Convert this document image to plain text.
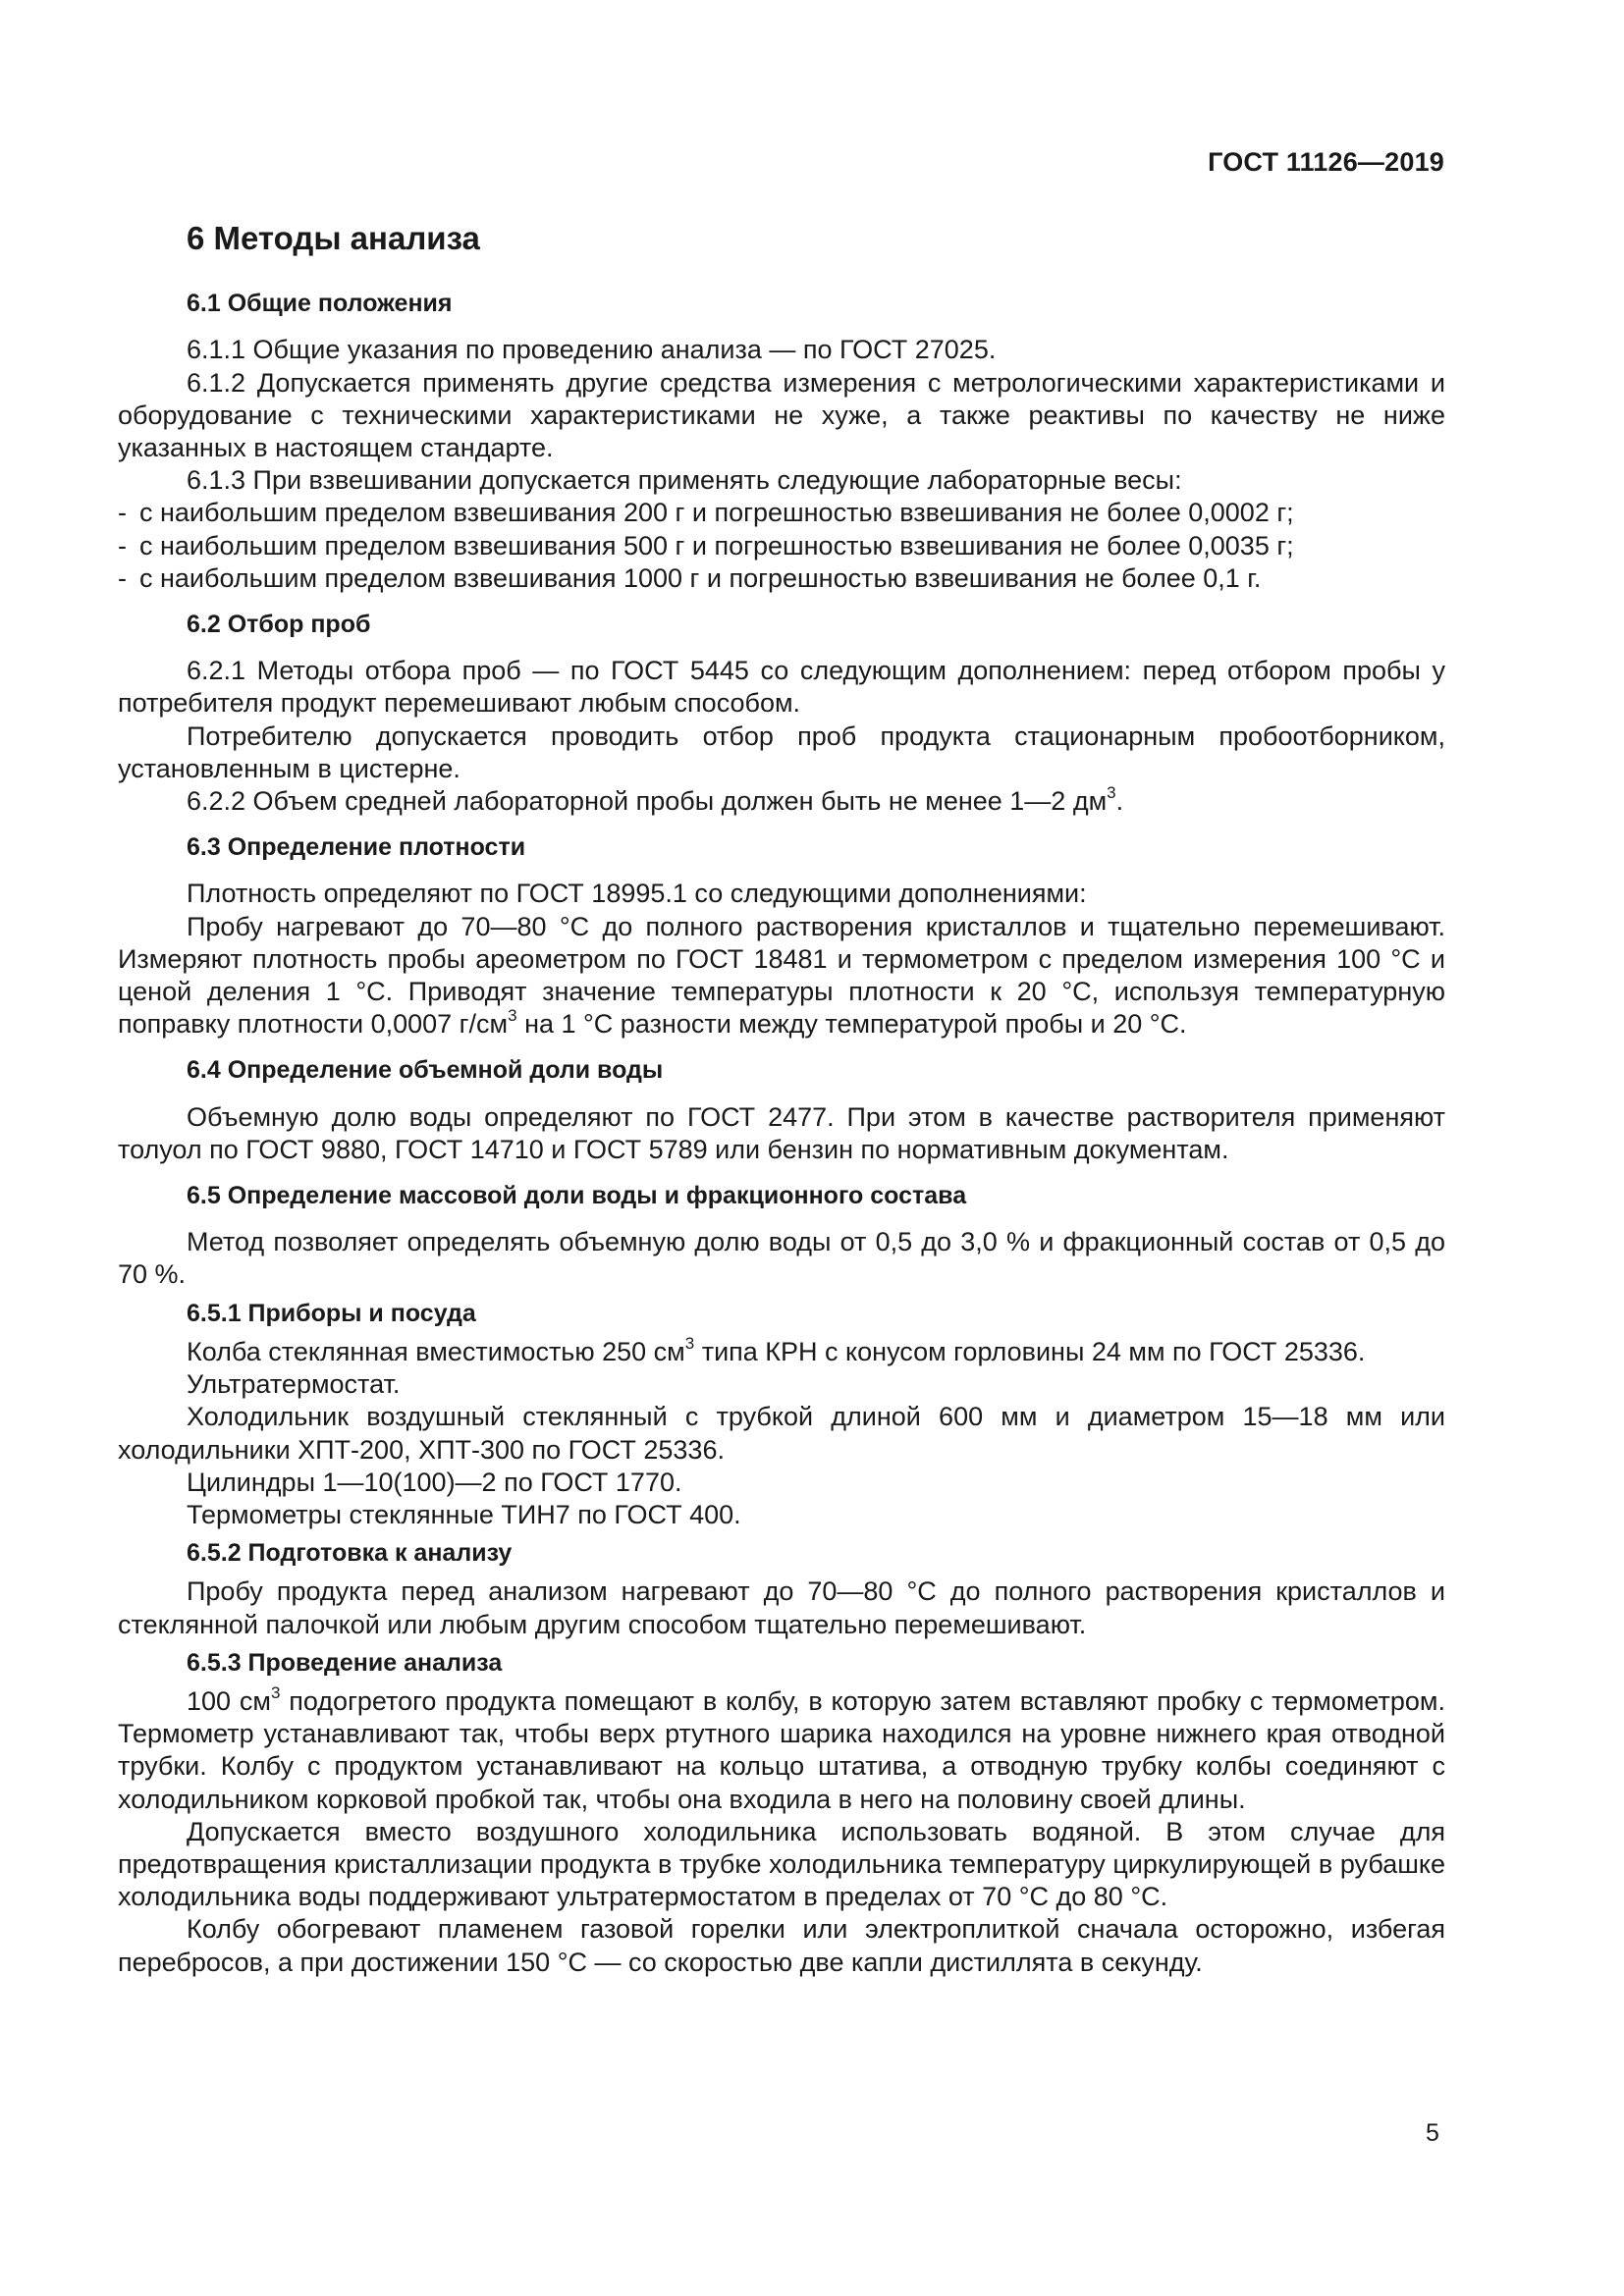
ГОСТ 11126—2019
6 Методы анализа
6.1 Общие положения

6.1.1 Общие указания по проведению анализа — по ГОСТ 27025.

6.1.2 Допускается применять другие средства измерения с метрологическими характеристиками и оборудование с техническими характеристиками не хуже, а также реактивы по качеству не ниже указанных в настоящем стандарте.

6.1.3 При взвешивании допускается применять следующие лабораторные весы:

- с наибольшим пределом взвешивания 200 г и погрешностью взвешивания не более 0,0002 г;
- с наибольшим пределом взвешивания 500 г и погрешностью взвешивания не более 0,0035 г;
- с наибольшим пределом взвешивания 1000 г и погрешностью взвешивания не более 0,1 г.
6.2 Отбор проб

6.2.1 Методы отбора проб — по ГОСТ 5445 со следующим дополнением: перед отбором пробы у потребителя продукт перемешивают любым способом.

Потребителю допускается проводить отбор проб продукта стационарным пробоотборником, установленным в цистерне.

6.2.2 Объем средней лабораторной пробы должен быть не менее 1—2 $дм^3$.

6.3 Определение плотности

Плотность определяют по ГОСТ 18995.1 со следующими дополнениями:

Пробу нагревают до 70—80 °С до полного растворения кристаллов и тщательно перемешивают. Измеряют плотность пробы ареометром по ГОСТ 18481 и термометром с пределом измерения 100 °С и ценой деления 1 °С. Приводят значение температуры плотности к 20 °С, используя температурную поправку плотности 0,0007 $г/см^3$ на 1 °С разности между температурой пробы и 20 °С.

6.4 Определение объемной доли воды

Объемную долю воды определяют по ГОСТ 2477. При этом в качестве растворителя применяют толуол по ГОСТ 9880, ГОСТ 14710 и ГОСТ 5789 или бензин по нормативным документам.

6.5 Определение массовой доли воды и фракционного состава

Метод позволяет определять объемную долю воды от 0,5 до 3,0 % и фракционный состав от 0,5 до 70 %.

6.5.1 Приборы и посуда

Колба стеклянная вместимостью 250 $см^3$ типа КРН с конусом горловины 24 мм по ГОСТ 25336.

Ультратермостат.

Холодильник воздушный стеклянный с трубкой длиной 600 мм и диаметром 15—18 мм или холодильники ХПТ-200, ХПТ-300 по ГОСТ 25336.

Цилиндры 1—10(100)—2 по ГОСТ 1770.

Термометры стеклянные ТИН7 по ГОСТ 400.

6.5.2 Подготовка к анализу

Пробу продукта перед анализом нагревают до 70—80 °С до полного растворения кристаллов и стеклянной палочкой или любым другим способом тщательно перемешивают.

6.5.3 Проведение анализа

100 $см^3$ подогретого продукта помещают в колбу, в которую затем вставляют пробку с термометром. Термометр устанавливают так, чтобы верх ртутного шарика находился на уровне нижнего края отводной трубки. Колбу с продуктом устанавливают на кольцо штатива, а отводную трубку колбы соединяют с холодильником корковой пробкой так, чтобы она входила в него на половину своей длины.

Допускается вместо воздушного холодильника использовать водяной. В этом случае для предотвращения кристаллизации продукта в трубке холодильника температуру циркулирующей в рубашке холодильника воды поддерживают ультратермостатом в пределах от 70 °С до 80 °С.

Колбу обогревают пламенем газовой горелки или электроплиткой сначала осторожно, избегая перебросов, а при достижении 150 °С — со скоростью две капли дистиллята в секунду.

5
